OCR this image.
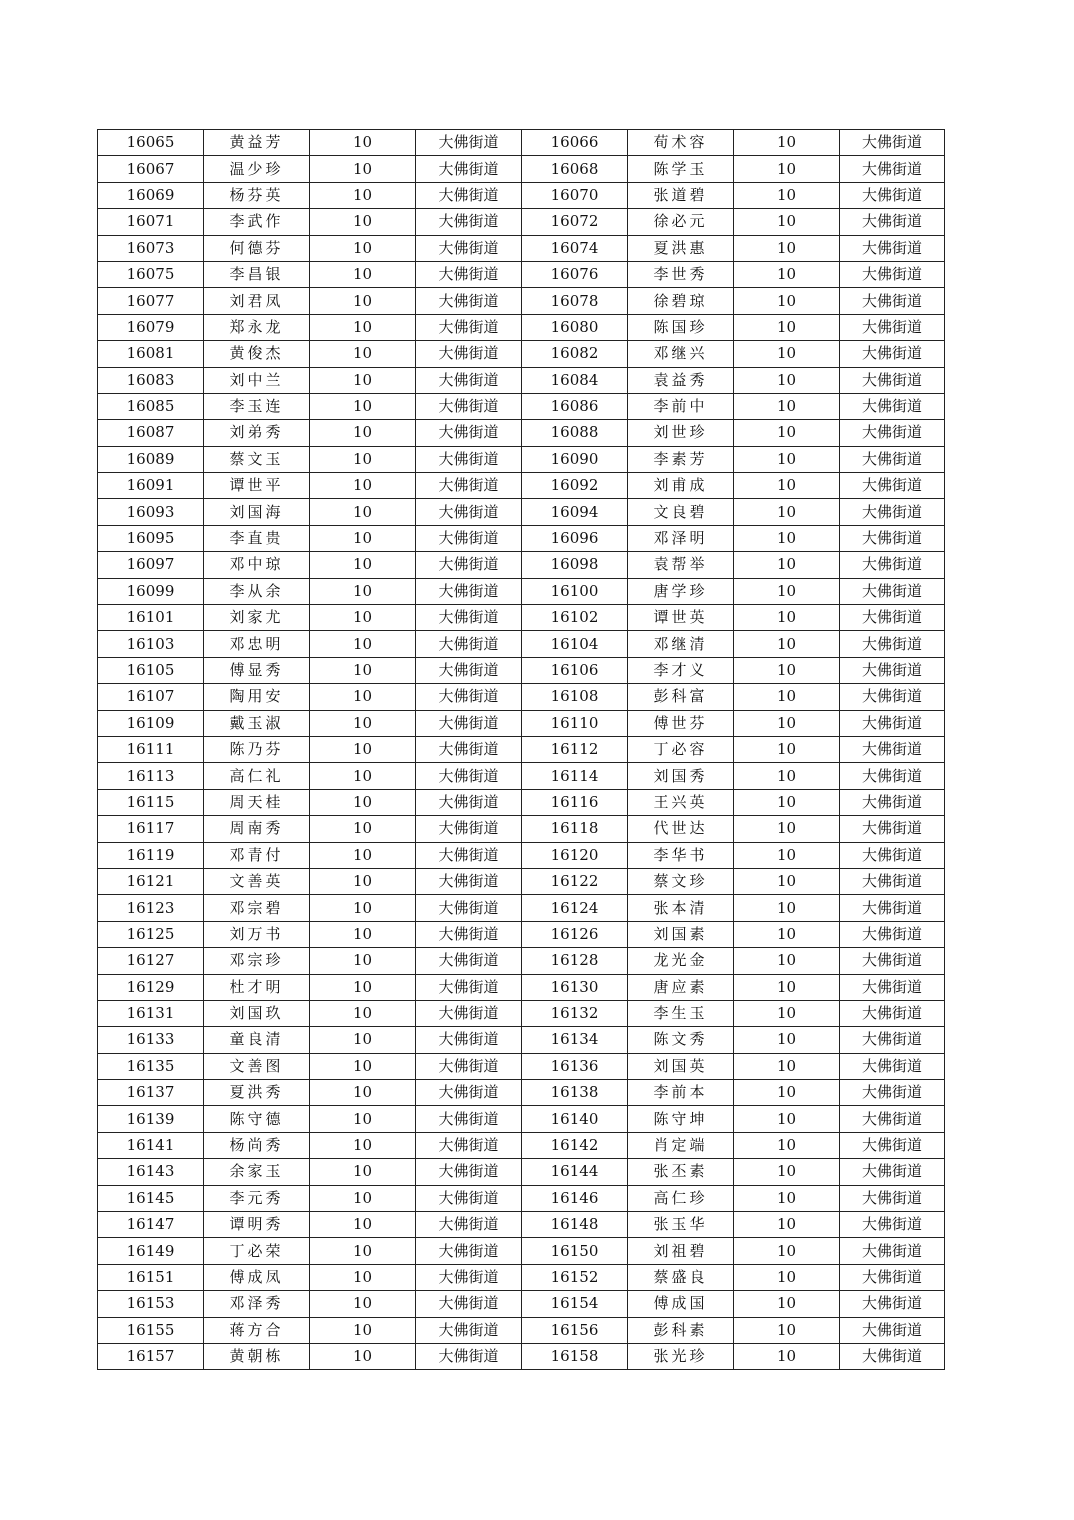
16065	黄益芳	10	大佛街道	16066	荀术容	10	大佛街道
16067	温少珍	10	大佛街道	16068	陈学玉	10	大佛街道
16069	杨芬英	10	大佛街道	16070	张道碧	10	大佛街道
16071	李武作	10	大佛街道	16072	徐必元	10	大佛街道
16073	何德芬	10	大佛街道	16074	夏洪惠	10	大佛街道
16075	李昌银	10	大佛街道	16076	李世秀	10	大佛街道
16077	刘君凤	10	大佛街道	16078	徐碧琼	10	大佛街道
16079	郑永龙	10	大佛街道	16080	陈国珍	10	大佛街道
16081	黄俊杰	10	大佛街道	16082	邓继兴	10	大佛街道
16083	刘中兰	10	大佛街道	16084	袁益秀	10	大佛街道
16085	李玉连	10	大佛街道	16086	李前中	10	大佛街道
16087	刘弟秀	10	大佛街道	16088	刘世珍	10	大佛街道
16089	蔡文玉	10	大佛街道	16090	李素芳	10	大佛街道
16091	谭世平	10	大佛街道	16092	刘甫成	10	大佛街道
16093	刘国海	10	大佛街道	16094	文良碧	10	大佛街道
16095	李直贵	10	大佛街道	16096	邓泽明	10	大佛街道
16097	邓中琼	10	大佛街道	16098	袁帮举	10	大佛街道
16099	李从余	10	大佛街道	16100	唐学珍	10	大佛街道
16101	刘家尤	10	大佛街道	16102	谭世英	10	大佛街道
16103	邓忠明	10	大佛街道	16104	邓继清	10	大佛街道
16105	傅显秀	10	大佛街道	16106	李才义	10	大佛街道
16107	陶用安	10	大佛街道	16108	彭科富	10	大佛街道
16109	戴玉淑	10	大佛街道	16110	傅世芬	10	大佛街道
16111	陈乃芬	10	大佛街道	16112	丁必容	10	大佛街道
16113	高仁礼	10	大佛街道	16114	刘国秀	10	大佛街道
16115	周天桂	10	大佛街道	16116	王兴英	10	大佛街道
16117	周南秀	10	大佛街道	16118	代世达	10	大佛街道
16119	邓青付	10	大佛街道	16120	李华书	10	大佛街道
16121	文善英	10	大佛街道	16122	蔡文珍	10	大佛街道
16123	邓宗碧	10	大佛街道	16124	张本清	10	大佛街道
16125	刘万书	10	大佛街道	16126	刘国素	10	大佛街道
16127	邓宗珍	10	大佛街道	16128	龙光金	10	大佛街道
16129	杜才明	10	大佛街道	16130	唐应素	10	大佛街道
16131	刘国玖	10	大佛街道	16132	李生玉	10	大佛街道
16133	童良清	10	大佛街道	16134	陈文秀	10	大佛街道
16135	文善图	10	大佛街道	16136	刘国英	10	大佛街道
16137	夏洪秀	10	大佛街道	16138	李前本	10	大佛街道
16139	陈守德	10	大佛街道	16140	陈守坤	10	大佛街道
16141	杨尚秀	10	大佛街道	16142	肖定端	10	大佛街道
16143	余家玉	10	大佛街道	16144	张丕素	10	大佛街道
16145	李元秀	10	大佛街道	16146	高仁珍	10	大佛街道
16147	谭明秀	10	大佛街道	16148	张玉华	10	大佛街道
16149	丁必荣	10	大佛街道	16150	刘祖碧	10	大佛街道
16151	傅成凤	10	大佛街道	16152	蔡盛良	10	大佛街道
16153	邓泽秀	10	大佛街道	16154	傅成国	10	大佛街道
16155	蒋方合	10	大佛街道	16156	彭科素	10	大佛街道
16157	黄朝栋	10	大佛街道	16158	张光珍	10	大佛街道
